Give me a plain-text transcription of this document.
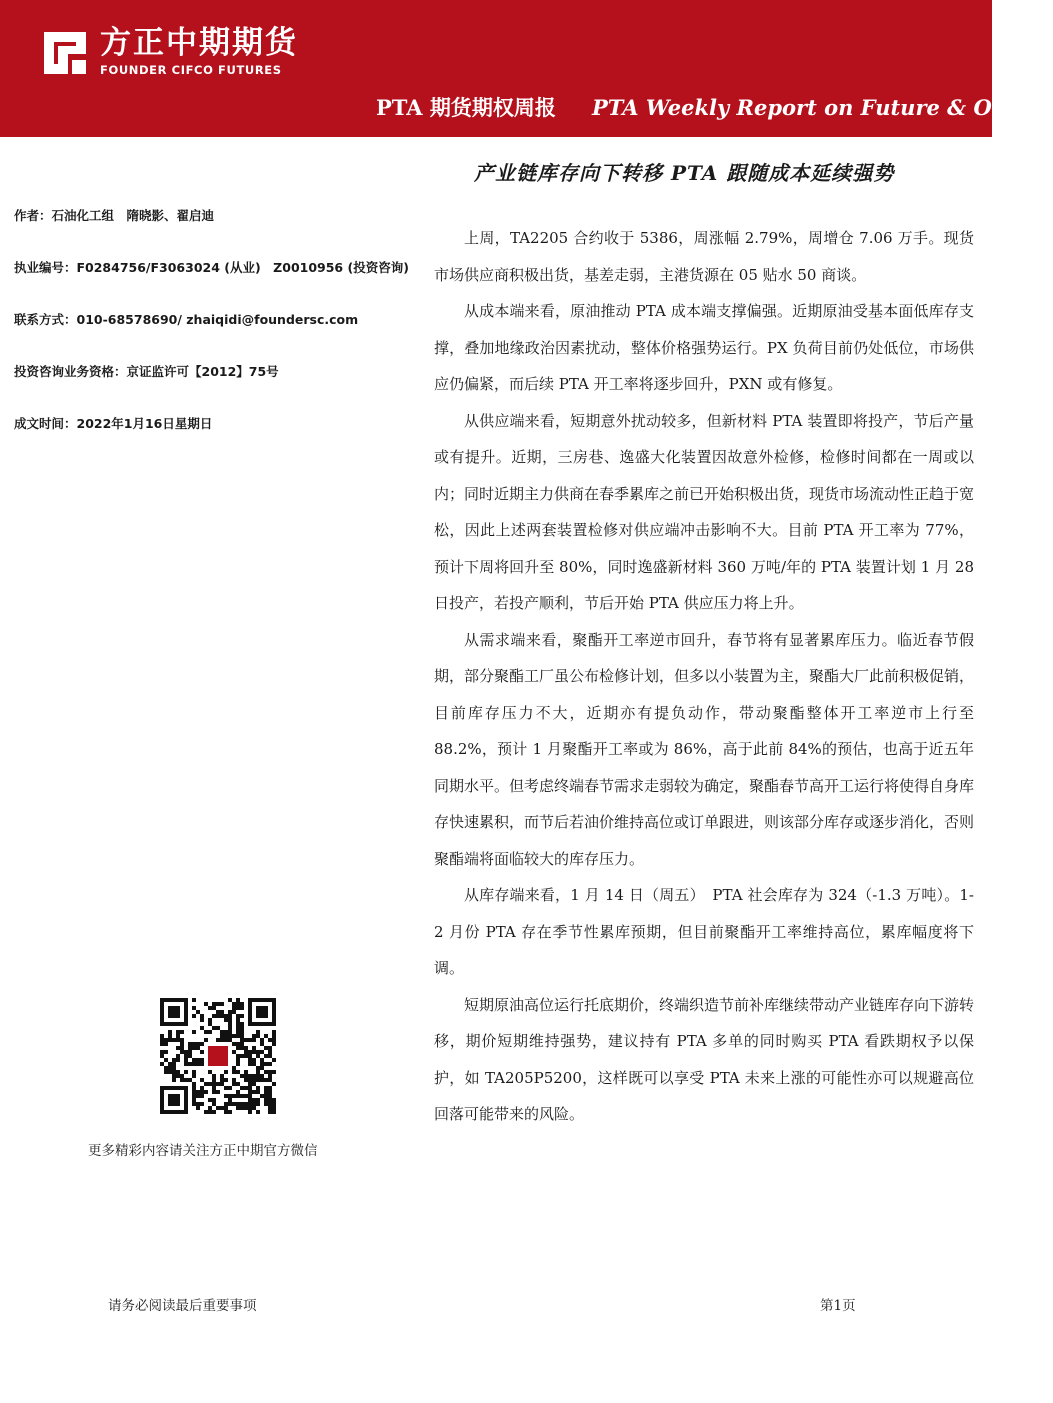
方正中期期货
FOUNDER CIFCO FUTURES
PTA 期货期权周报 PTA Weekly Report on Future & Option
产业链库存向下转移 PTA 跟随成本延续强势
作者：石油化工组　隋晓影、翟启迪
执业编号：F0284756/F3063024 (从业)　Z0010956 (投资咨询)
联系方式：010-68578690/ zhaiqidi@foundersc.com
投资咨询业务资格：京证监许可【2012】75号
成文时间：2022年1月16日星期日

上周，TA2205 合约收于 5386，周涨幅 2.79%，周增仓 7.06 万手。现货市场供应商积极出货，基差走弱，主港货源在 05 贴水 50 商谈。

从成本端来看，原油推动 PTA 成本端支撑偏强。近期原油受基本面低库存支撑，叠加地缘政治因素扰动，整体价格强势运行。PX 负荷目前仍处低位，市场供应仍偏紧，而后续 PTA 开工率将逐步回升，PXN 或有修复。

从供应端来看，短期意外扰动较多，但新材料 PTA 装置即将投产，节后产量或有提升。近期，三房巷、逸盛大化装置因故意外检修，检修时间都在一周或以内；同时近期主力供商在春季累库之前已开始积极出货，现货市场流动性正趋于宽松，因此上述两套装置检修对供应端冲击影响不大。目前 PTA 开工率为 77%，预计下周将回升至 80%，同时逸盛新材料 360 万吨/年的 PTA 装置计划 1 月 28 日投产，若投产顺利，节后开始 PTA 供应压力将上升。

从需求端来看，聚酯开工率逆市回升，春节将有显著累库压力。临近春节假期，部分聚酯工厂虽公布检修计划，但多以小装置为主，聚酯大厂此前积极促销，目前库存压力不大，近期亦有提负动作，带动聚酯整体开工率逆市上行至 88.2%，预计 1 月聚酯开工率或为 86%，高于此前 84%的预估，也高于近五年同期水平。但考虑终端春节需求走弱较为确定，聚酯春节高开工运行将使得自身库存快速累积，而节后若油价维持高位或订单跟进，则该部分库存或逐步消化，否则聚酯端将面临较大的库存压力。

从库存端来看，1 月 14 日（周五）　PTA 社会库存为 324（-1.3 万吨）。1-2 月份 PTA 存在季节性累库预期，但目前聚酯开工率维持高位，累库幅度将下调。

短期原油高位运行托底期价，终端织造节前补库继续带动产业链库存向下游转移，期价短期维持强势，建议持有 PTA 多单的同时购买 PTA 看跌期权予以保护，如 TA205P5200，这样既可以享受 PTA 未来上涨的可能性亦可以规避高位回落可能带来的风险。

更多精彩内容请关注方正中期官方微信
请务必阅读最后重要事项	第1页
